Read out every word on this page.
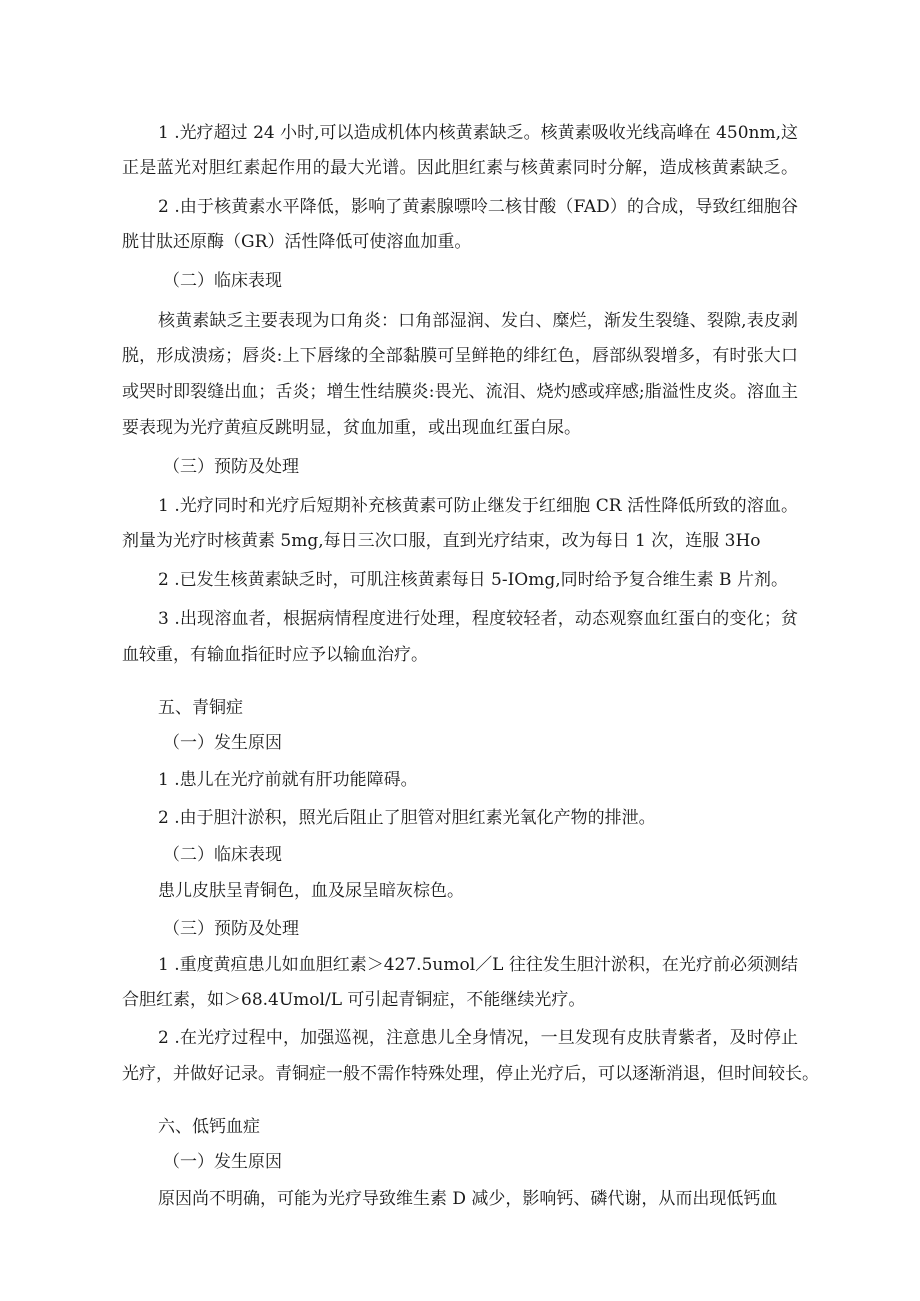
1 .光疗超过 24 小时,可以造成机体内核黄素缺乏。核黄素吸收光线高峰在 450nm,这
正是蓝光对胆红素起作用的最大光谱。因此胆红素与核黄素同时分解，造成核黄素缺乏。
2 .由于核黄素水平降低，影响了黄素腺嘌呤二核甘酸（FAD）的合成，导致红细胞谷
胱甘肽还原酶（GR）活性降低可使溶血加重。
（二）临床表现
核黄素缺乏主要表现为口角炎：口角部湿润、发白、糜烂，渐发生裂缝、裂隙,表皮剥
脱，形成溃疡；唇炎:上下唇缘的全部黏膜可呈鲜艳的绯红色，唇部纵裂增多，有时张大口
或哭时即裂缝出血；舌炎；增生性结膜炎:畏光、流泪、烧灼感或痒感;脂溢性皮炎。溶血主
要表现为光疗黄疸反跳明显，贫血加重，或出现血红蛋白尿。
（三）预防及处理
1 .光疗同时和光疗后短期补充核黄素可防止继发于红细胞 CR 活性降低所致的溶血。
剂量为光疗时核黄素 5mg,每日三次口服，直到光疗结束，改为每日 1 次，连服 3Ho
2 .已发生核黄素缺乏时，可肌注核黄素每日 5-IOmg,同时给予复合维生素 B 片剂。
3 .出现溶血者，根据病情程度进行处理，程度较轻者，动态观察血红蛋白的变化；贫
血较重，有输血指征时应予以输血治疗。
五、青铜症
（一）发生原因
1 .患儿在光疗前就有肝功能障碍。
2 .由于胆汁淤积，照光后阻止了胆管对胆红素光氧化产物的排泄。
（二）临床表现
患儿皮肤呈青铜色，血及尿呈暗灰棕色。
（三）预防及处理
1 .重度黄疸患儿如血胆红素＞427.5umol／L 往往发生胆汁淤积，在光疗前必须测结
合胆红素，如＞68.4Umol/L 可引起青铜症，不能继续光疗。
2 .在光疗过程中，加强巡视，注意患儿全身情况，一旦发现有皮肤青紫者，及时停止
光疗，并做好记录。青铜症一般不需作特殊处理，停止光疗后，可以逐渐消退，但时间较长。
六、低钙血症
（一）发生原因
原因尚不明确，可能为光疗导致维生素 D 减少，影响钙、磷代谢，从而出现低钙血
